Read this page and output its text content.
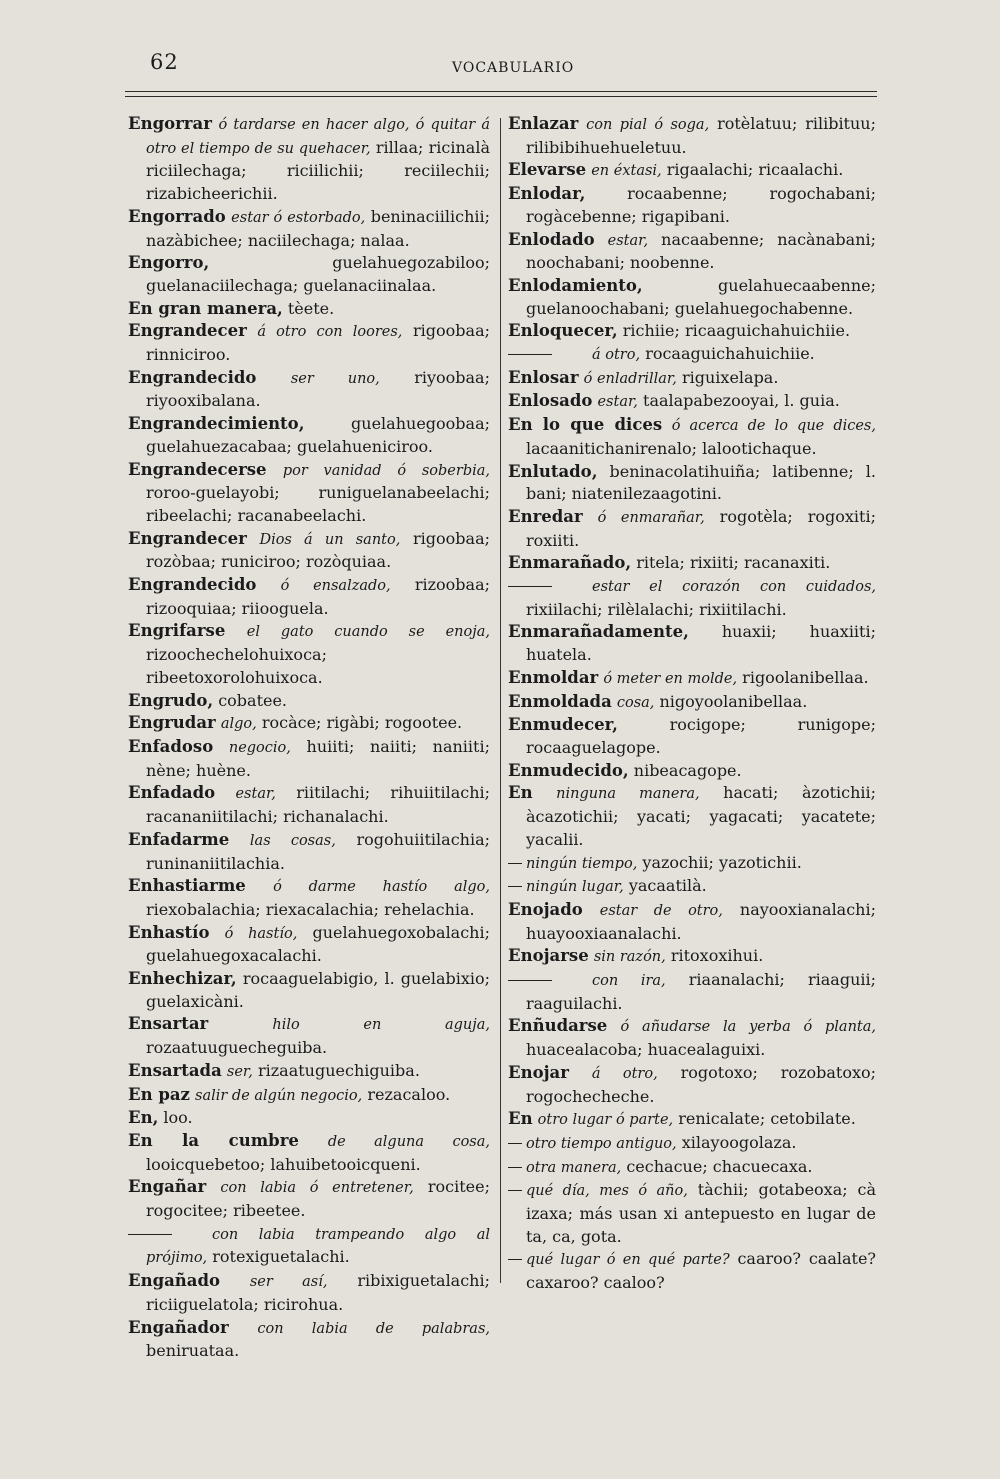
62	VOCABULARIO

Engorrar ó tardarse en hacer algo, ó quitar á otro el tiempo de su quehacer, rillaa; ricinalà riciilechaga; riciilichii; reciilechii; rizabicheerichii.

Engorrado estar ó estorbado, beninaciilichii; nazàbichee; naciilechaga; nalaa.

Engorro,	guelahuegozabiloo; guelanaciilechaga; guelanaciinalaa.

En gran manera, tèete.

Engrandecer á otro con loores, rigoobaa; rinniciroo.

Engrandecido ser uno, riyoobaa; riyooxibalana.

Engrandecimiento,	guelahuegoobaa; guelahuezacabaa; guelahueniciroo.

Engrandecerse por vanidad ó soberbia, roroo-guelayobi; runiguelanabeelachi; ribeelachi; racanabeelachi.

Engrandecer Dios á un santo, rigoobaa; rozòbaa; runiciroo; rozòquiaa.

Engrandecido ó ensalzado, rizoobaa; rizooquiaa; riiooguela.

Engrifarse el gato cuando se enoja, rizoochechelohuixoca; ribeetoxorolohuixoca.

Engrudo, cobatee.

Engrudar algo, rocàce; rigàbi; rogootee.

Enfadoso negocio, huiiti; naiiti; naniiti; nène; huène.

Enfadado estar, riitilachi; rihuiitilachi; racananiitilachi; richanalachi.

Enfadarme las cosas, rogohuiitilachia; runinaniitilachia.

Enhastiarme ó darme hastío algo, riexobalachia; riexacalachia; rehelachia.

Enhastío ó hastío, guelahuegoxobalachi; guelahuegoxacalachi.

Enhechizar, rocaaguelabigio, l. guelabixio; guelaxicàni.

Ensartar	hilo en aguja, rozaatuuguecheguiba.

Ensartada ser, rizaatuguechiguiba.

En paz salir de algún negocio, rezacaloo.

En, loo.

En la cumbre de alguna cosa, looicquebetoo; lahuibetooicqueni.

Engañar con labia ó entretener, rocitee; rogocitee; ribeetee.

con labia trampeando algo al prójimo, rotexiguetalachi.

Engañado ser así, ribixiguetalachi; riciiguelatola; ricirohua.

Engañador con labia de palabras, beniruataa.

Enlazar con pial ó soga, rotèlatuu; rilibituu; rilibibihuehueletuu.

Elevarse en éxtasi, rigaalachi; ricaalachi.

Enlodar,	rocaabenne; rogochabani; rogàcebenne; rigapibani.

Enlodado estar, nacaabenne; nacànabani; noochabani; noobenne.

Enlodamiento,	guelahuecaabenne; guelanoochabani; guelahuegochabenne.

Enloquecer, richiie; ricaaguichahuichiie.

á otro, rocaaguichahuichiie.

Enlosar ó enladrillar, riguixelapa.

Enlosado estar, taalapabezooyai, l. guia.

En lo que dices ó acerca de lo que dices, lacaanitichanirenalo; lalootichaque.

Enlutado, beninacolatihuiña; latibenne; l. bani; niatenilezaagotini.

Enredar ó enmarañar, rogotèla; rogoxiti; roxiiti.

Enmarañado, ritela; rixiiti; racanaxiti.

estar el corazón con cuidados, rixiilachi; rilèlalachi; rixiitilachi.

Enmarañadamente, huaxii; huaxiiti; huatela.

Enmoldar ó meter en molde, rigoolanibellaa.

Enmoldada cosa, nigoyoolanibellaa.

Enmudecer,	rocigope; runigope; rocaaguelagope.

Enmudecido, nibeacagope.

En ninguna manera, hacati; àzotichii; àcazotichii; yacati; yagacati; yacatete; yacalii.

ningún tiempo, yazochii; yazotichii.

ningún lugar, yacaatilà.

Enojado estar de otro, nayooxianalachi; huayooxiaanalachi.

Enojarse sin razón, ritoxoxihui.

con ira, riaanalachi; riaaguii; raaguilachi.

Enñudarse ó añudarse la yerba ó planta, huacealacoba; huacealaguixi.

Enojar á otro, rogotoxo; rozobatoxo; rogochecheche.

En otro lugar ó parte, renicalate; cetobilate.

otro tiempo antiguo, xilayoogolaza.

otra manera, cechacue; chacuecaxa.

qué día, mes ó año, tàchii; gotabeoxa; cà izaxa; más usan xi antepuesto en lugar de ta, ca, gota.

qué lugar ó en qué parte? caaroo? caalate? caxaroo? caaloo?
